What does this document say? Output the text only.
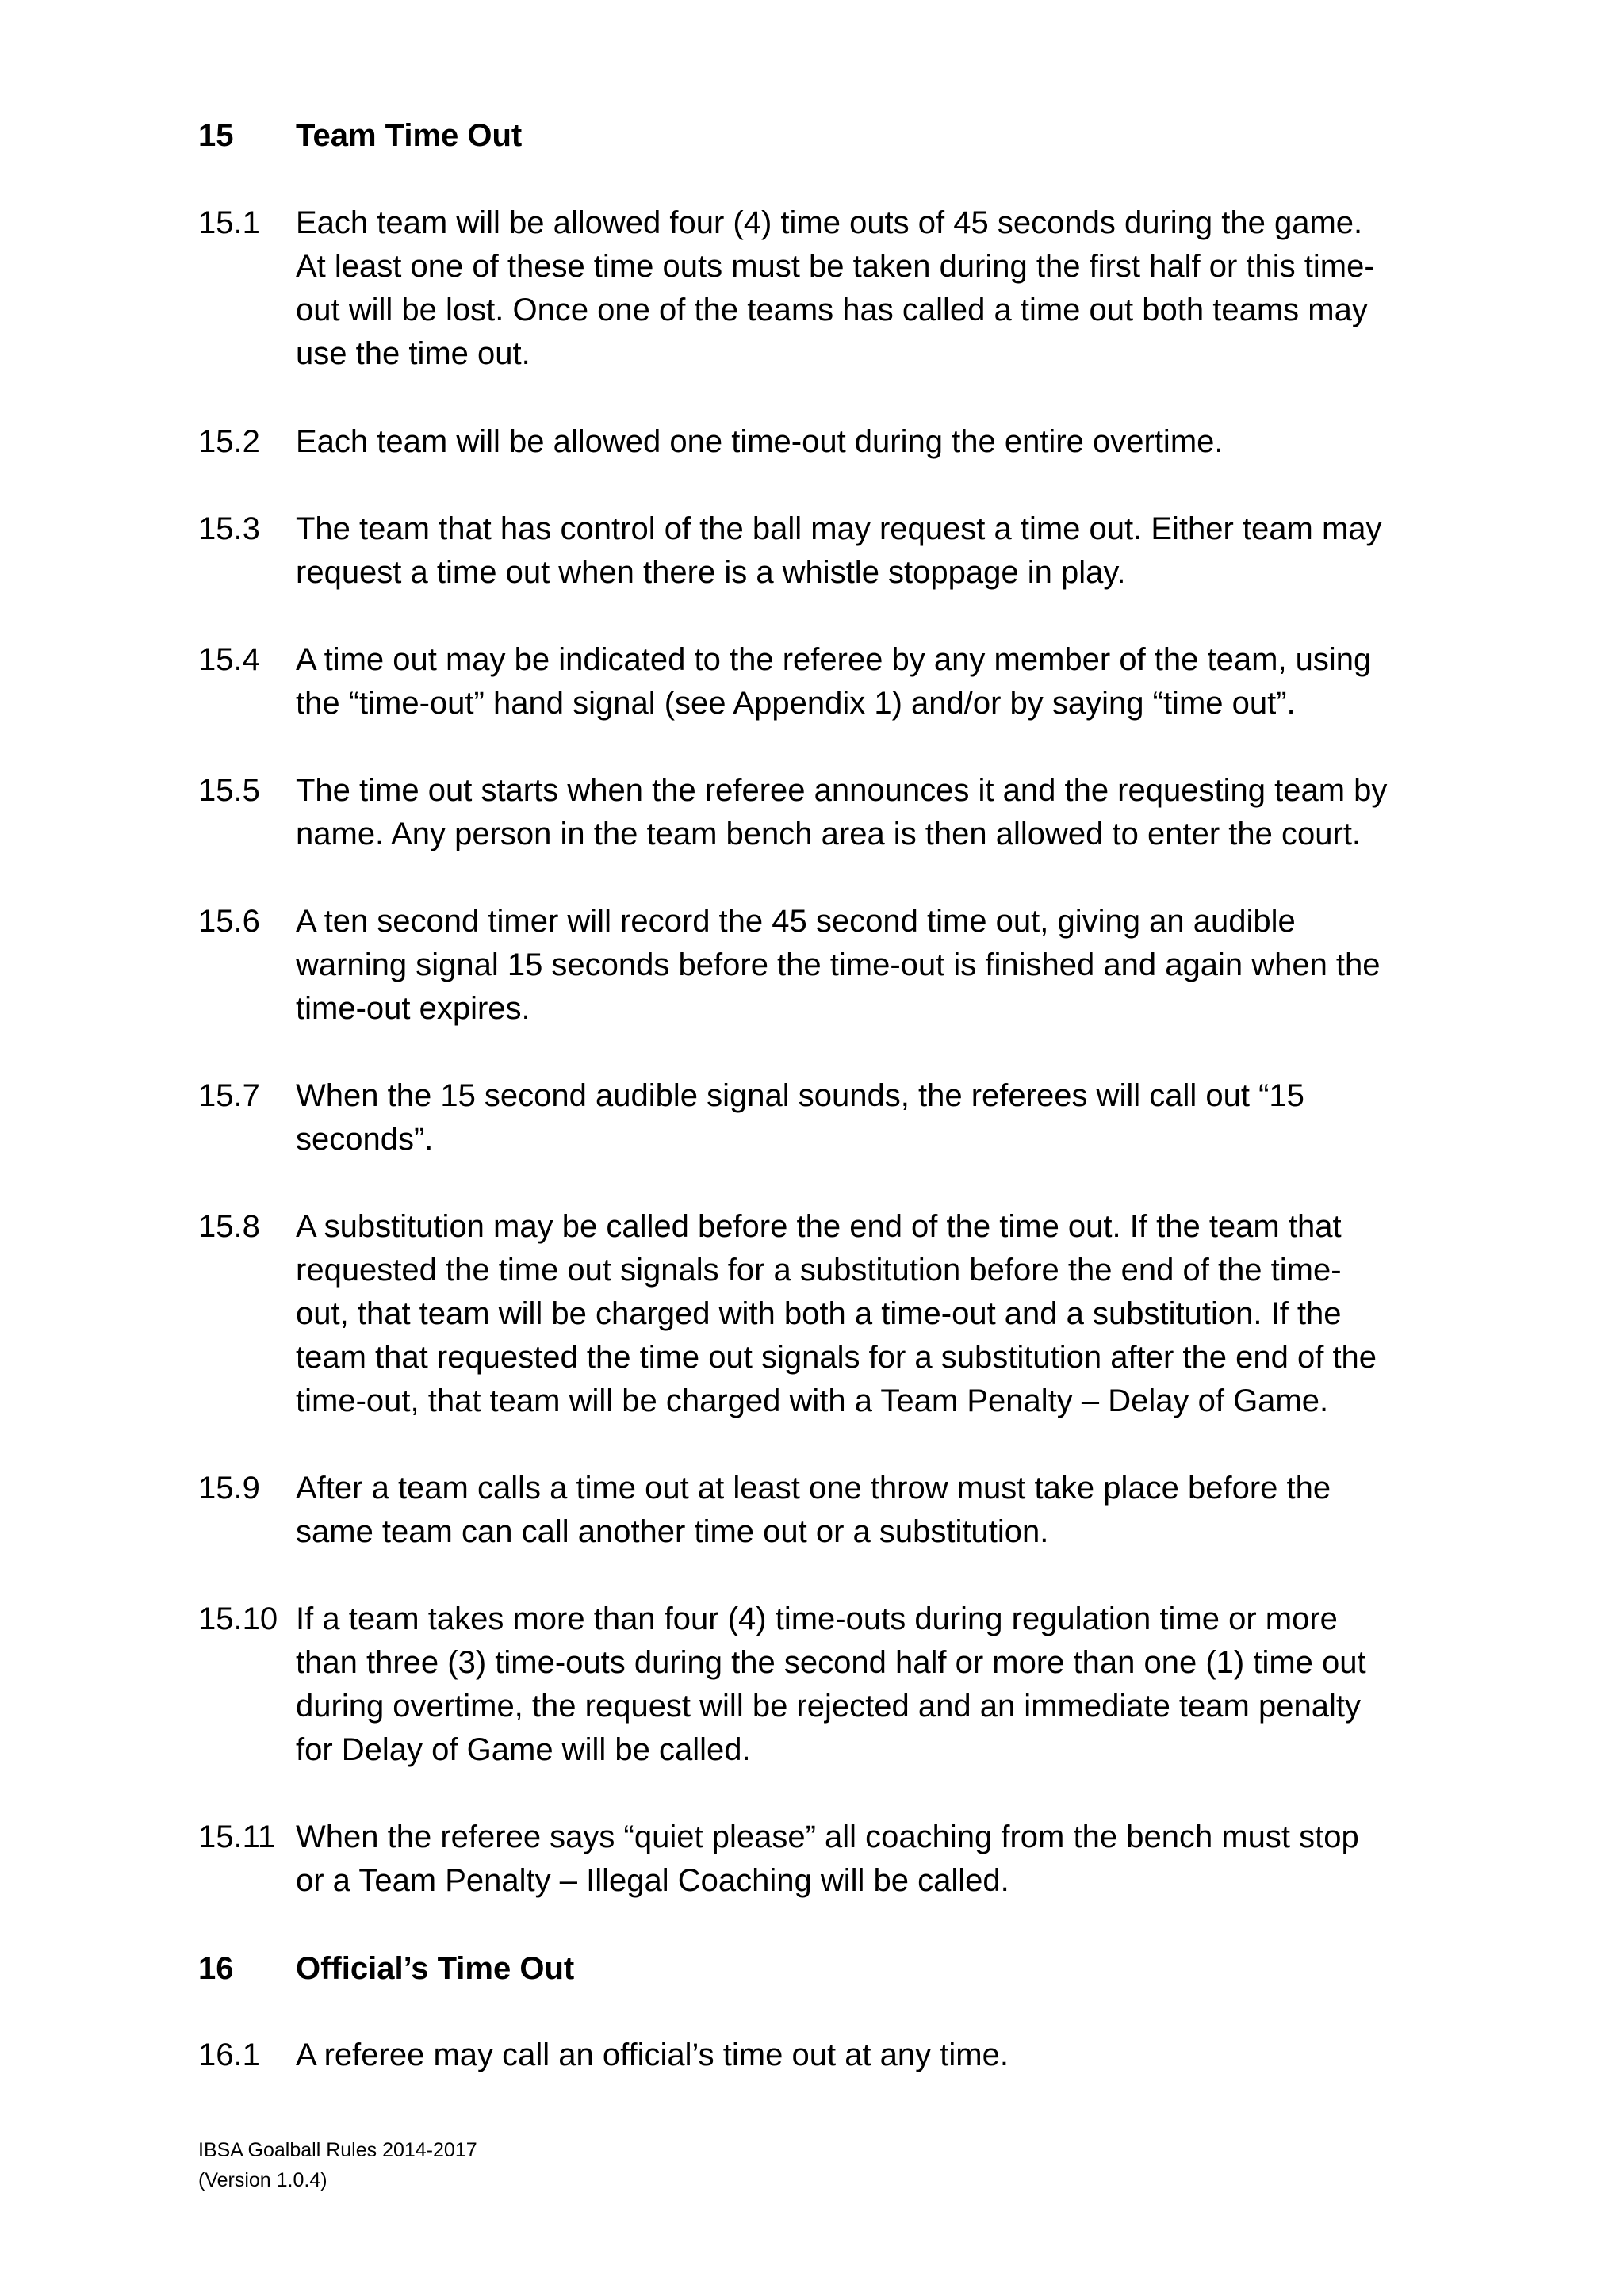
15 Team Time Out
15.1 Each team will be allowed four (4) time outs of 45 seconds during the game.
At least one of these time outs must be taken during the first half or this time-
out will be lost. Once one of the teams has called a time out both teams may
use the time out.
15.2 Each team will be allowed one time-out during the entire overtime.
15.3 The team that has control of the ball may request a time out. Either team may
request a time out when there is a whistle stoppage in play.
15.4 A time out may be indicated to the referee by any member of the team, using
the “time-out” hand signal (see Appendix 1) and/or by saying “time out”.
15.5 The time out starts when the referee announces it and the requesting team by
name. Any person in the team bench area is then allowed to enter the court.
15.6 A ten second timer will record the 45 second time out, giving an audible
warning signal 15 seconds before the time-out is finished and again when the
time-out expires.
15.7 When the 15 second audible signal sounds, the referees will call out “15
seconds”.
15.8 A substitution may be called before the end of the time out. If the team that
requested the time out signals for a substitution before the end of the time-
out, that team will be charged with both a time-out and a substitution. If the
team that requested the time out signals for a substitution after the end of the
time-out, that team will be charged with a Team Penalty – Delay of Game.
15.9 After a team calls a time out at least one throw must take place before the
same team can call another time out or a substitution.
15.10 If a team takes more than four (4) time-outs during regulation time or more
than three (3) time-outs during the second half or more than one (1) time out
during overtime, the request will be rejected and an immediate team penalty
for Delay of Game will be called.
15.11 When the referee says “quiet please” all coaching from the bench must stop
or a Team Penalty – Illegal Coaching will be called.
16 Official’s Time Out
16.1 A referee may call an official’s time out at any time.
IBSA Goalball Rules 2014-2017
(Version 1.0.4)
